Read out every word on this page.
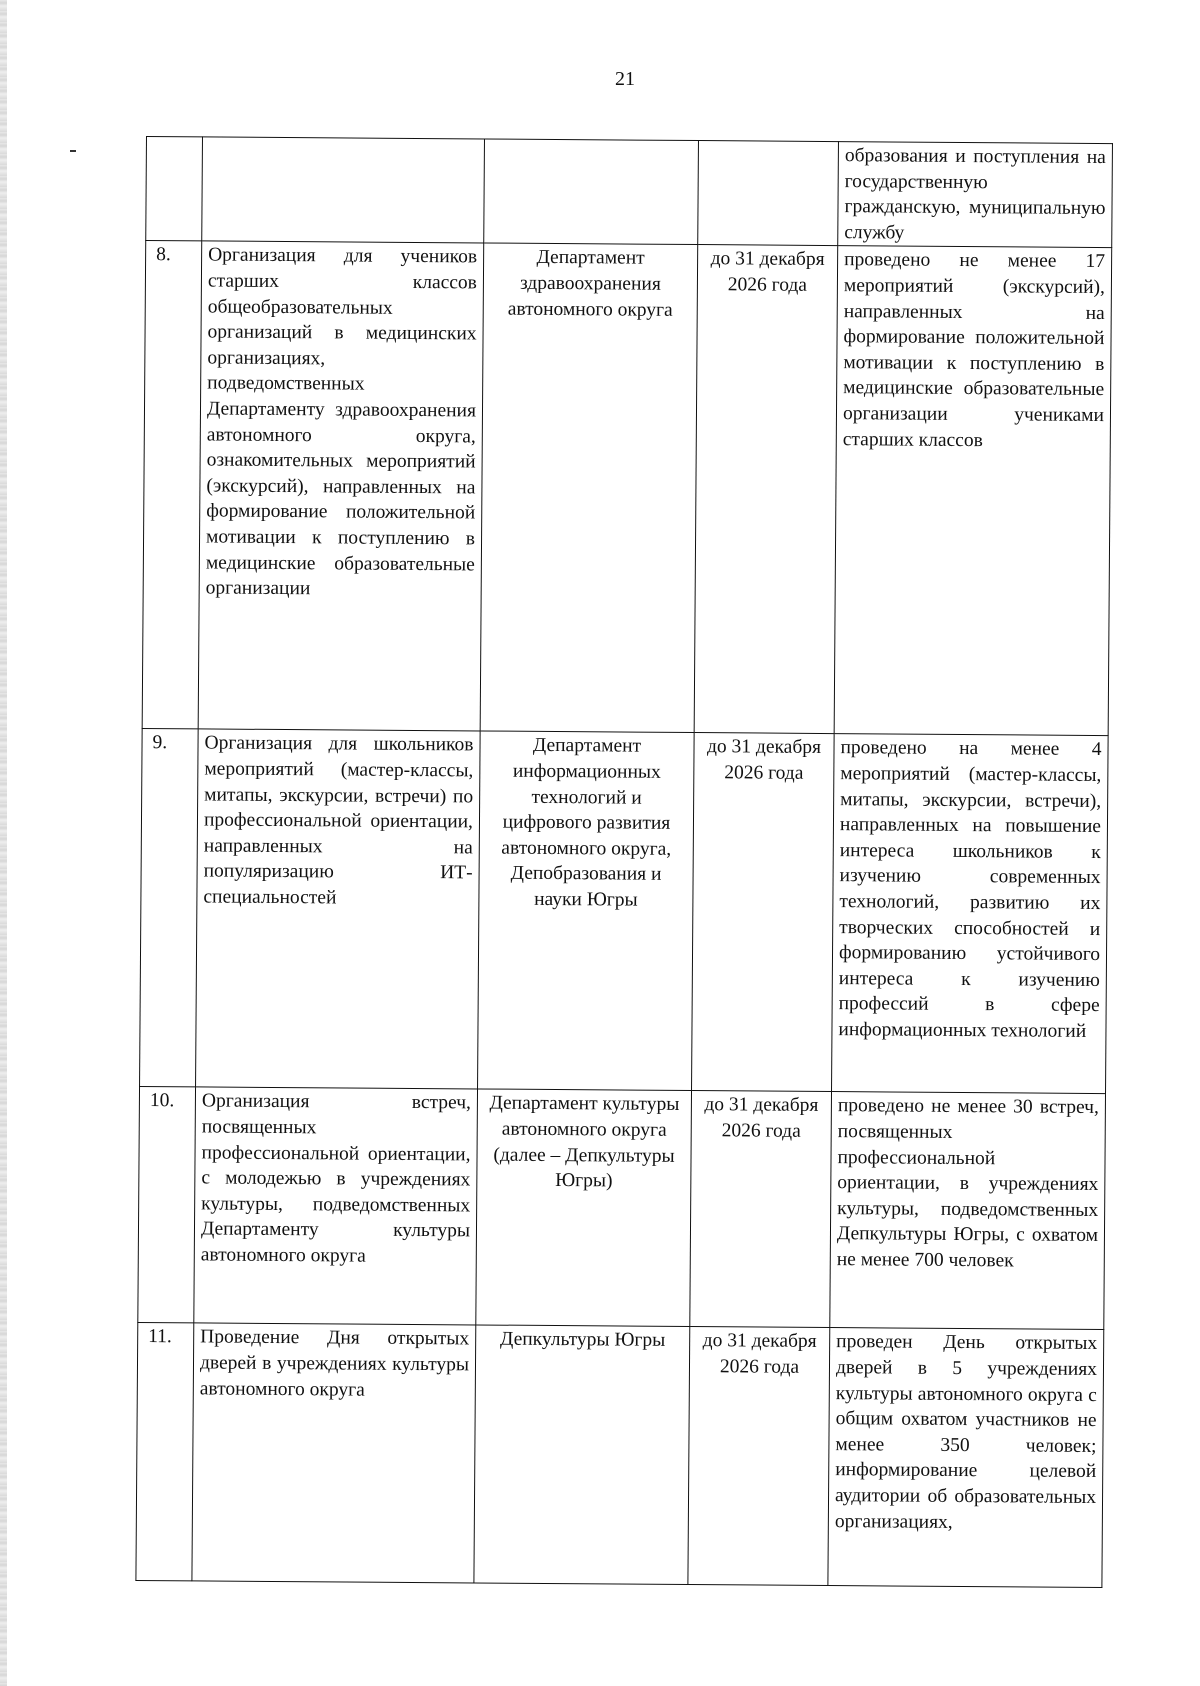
21
				образования и поступления на государственную гражданскую, муниципальную службу
8.	Организация для учеников старших классов общеобразовательных организаций в медицинских организациях, подведомственных Департаменту здравоохранения автономного округа, ознакомительных мероприятий (экскурсий), направленных на формирование положительной мотивации к поступлению в медицинские образовательные организации	Департамент здравоохранения автономного округа	до 31 декабря 2026 года	проведено не менее 17 мероприятий (экскурсий), направленных на формирование положительной мотивации к поступлению в медицинские образовательные организации учениками старших классов
9.	Организация для школьников мероприятий (мастер-классы, митапы, экскурсии, встречи) по профессиональной ориентации, направленных на популяризацию ИТ-специальностей	Департамент информационных технологий и цифрового развития автономного округа, Депобразования и науки Югры	до 31 декабря 2026 года	проведено на менее 4 мероприятий (мастер-классы, митапы, экскурсии, встречи), направленных на повышение интереса школьников к изучению современных технологий, развитию их творческих способностей и формированию устойчивого интереса к изучению профессий в сфере информационных технологий
10.	Организация встреч, посвященных профессиональной ориентации, с молодежью в учреждениях культуры, подведомственных Департаменту культуры автономного округа	Департамент культуры автономного округа (далее – Депкультуры Югры)	до 31 декабря 2026 года	проведено не менее 30 встреч, посвященных профессиональной ориентации, в учреждениях культуры, подведомственных Депкультуры Югры, с охватом не менее 700 человек
11.	Проведение Дня открытых дверей в учреждениях культуры автономного округа	Депкультуры Югры	до 31 декабря 2026 года	проведен День открытых дверей в 5 учреждениях культуры автономного округа с общим охватом участников не менее 350 человек; информирование целевой аудитории об образовательных организациях,
